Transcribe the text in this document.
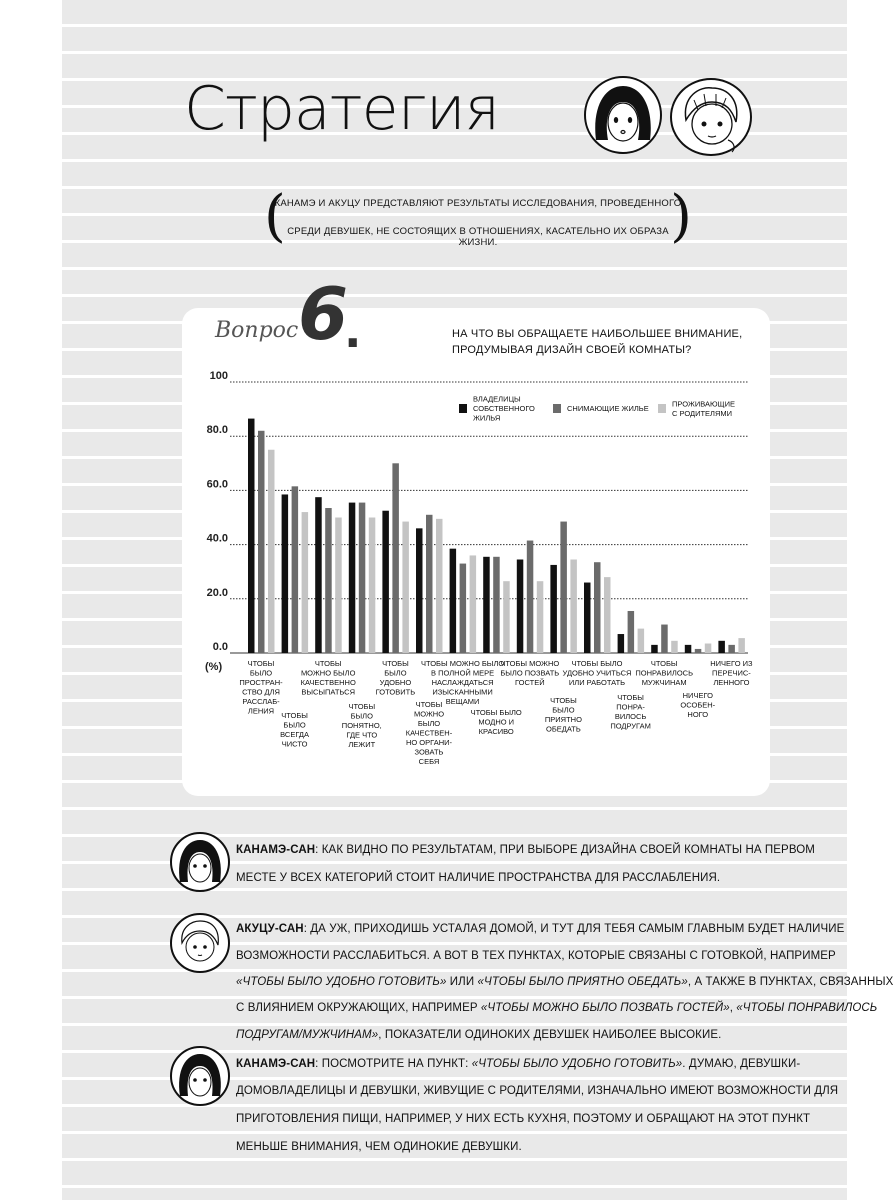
Стратегия
(	)
КАНАМЭ И АКУЦУ ПРЕДСТАВЛЯЮТ РЕЗУЛЬТАТЫ ИССЛЕДОВАНИЯ, ПРОВЕДЕННОГО
СРЕДИ ДЕВУШЕК, НЕ СОСТОЯЩИХ В ОТНОШЕНИЯХ, КАСАТЕЛЬНО ИХ ОБРАЗА ЖИЗНИ.
Вопрос 6
.	НА ЧТО ВЫ ОБРАЩАЕТЕ НАИБОЛЬШЕЕ ВНИМАНИЕ,
ПРОДУМЫВАЯ ДИЗАЙН СВОЕЙ КОМНАТЫ?
0.0
20.0
40.0
60.0
80.0
100
(%)	ЧТОБЫ БЫЛО ПРОСТРАН-СТВО ДЛЯ РАССЛАБ-ЛЕНИЯ ЧТОБЫ БЫЛО ВСЕГДА ЧИСТО
ЧТОБЫ МОЖНО БЫЛО КАЧЕСТВЕННО ВЫСЫПАТЬСЯ
ЧТОБЫ БЫЛО ПОНЯТНО, ГДЕ ЧТО ЛЕЖИТ
ЧТОБЫ БЫЛО УДОБНО ГОТОВИТЬ
ЧТОБЫ МОЖНО БЫЛО КАЧЕСТВЕН-НО ОРГАНИ-ЗОВАТЬ СЕБЯ
ЧТОБЫ МОЖНО БЫЛО В ПОЛНОЙ МЕРЕ НАСЛАЖДАТЬСЯ ИЗЫСКАННЫМИ ВЕЩАМИ
ЧТОБЫ БЫЛО МОДНО И КРАСИВО
ЧТОБЫ МОЖНО БЫЛО ПОЗВАТЬ ГОСТЕЙ
ЧТОБЫ БЫЛО ПРИЯТНО ОБЕДАТЬ
ЧТОБЫ БЫЛО УДОБНО УЧИТЬСЯ ИЛИ РАБОТАТЬ
ЧТОБЫ ПОНРА-ВИЛОСЬ ПОДРУГАМ
ЧТОБЫ ПОНРАВИЛОСЬ МУЖЧИНАМ
НИЧЕГО ОСОБЕН-НОГО
НИЧЕГО ИЗ ПЕРЕЧИС-ЛЕННОГО
ВЛАДЕЛИЦЫ СОБСТВЕННОГО ЖИЛЬЯ
СНИМАЮЩИЕ ЖИЛЬЕ
ПРОЖИВАЮЩИЕ С РОДИТЕЛЯМИ
КАНАМЭ-САН: КАК ВИДНО ПО РЕЗУЛЬТАТАМ, ПРИ ВЫБОРЕ ДИЗАЙНА СВОЕЙ КОМНАТЫ НА ПЕРВОМ
МЕСТЕ У ВСЕХ КАТЕГОРИЙ СТОИТ НАЛИЧИЕ ПРОСТРАНСТВА ДЛЯ РАССЛАБЛЕНИЯ.
АКУЦУ-САН: ДА УЖ, ПРИХОДИШЬ УСТАЛАЯ ДОМОЙ, И ТУТ ДЛЯ ТЕБЯ САМЫМ ГЛАВНЫМ БУДЕТ НАЛИЧИЕ
ВОЗМОЖНОСТИ РАССЛАБИТЬСЯ. А ВОТ В ТЕХ ПУНКТАХ, КОТОРЫЕ СВЯЗАНЫ С ГОТОВКОЙ, НАПРИМЕР
«ЧТОБЫ БЫЛО УДОБНО ГОТОВИТЬ» ИЛИ «ЧТОБЫ БЫЛО ПРИЯТНО ОБЕДАТЬ», А ТАКЖЕ В ПУНКТАХ, СВЯЗАННЫХ
С ВЛИЯНИЕМ ОКРУЖАЮЩИХ, НАПРИМЕР «ЧТОБЫ МОЖНО БЫЛО ПОЗВАТЬ ГОСТЕЙ», «ЧТОБЫ ПОНРАВИЛОСЬ
ПОДРУГАМ/МУЖЧИНАМ», ПОКАЗАТЕЛИ ОДИНОКИХ ДЕВУШЕК НАИБОЛЕЕ ВЫСОКИЕ.
КАНАМЭ-САН: ПОСМОТРИТЕ НА ПУНКТ: «ЧТОБЫ БЫЛО УДОБНО ГОТОВИТЬ». ДУМАЮ, ДЕВУШКИ-
ДОМОВЛАДЕЛИЦЫ И ДЕВУШКИ, ЖИВУЩИЕ С РОДИТЕЛЯМИ, ИЗНАЧАЛЬНО ИМЕЮТ ВОЗМОЖНОСТИ ДЛЯ
ПРИГОТОВЛЕНИЯ ПИЩИ, НАПРИМЕР, У НИХ ЕСТЬ КУХНЯ, ПОЭТОМУ И ОБРАЩАЮТ НА ЭТОТ ПУНКТ
МЕНЬШЕ ВНИМАНИЯ, ЧЕМ ОДИНОКИЕ ДЕВУШКИ.
